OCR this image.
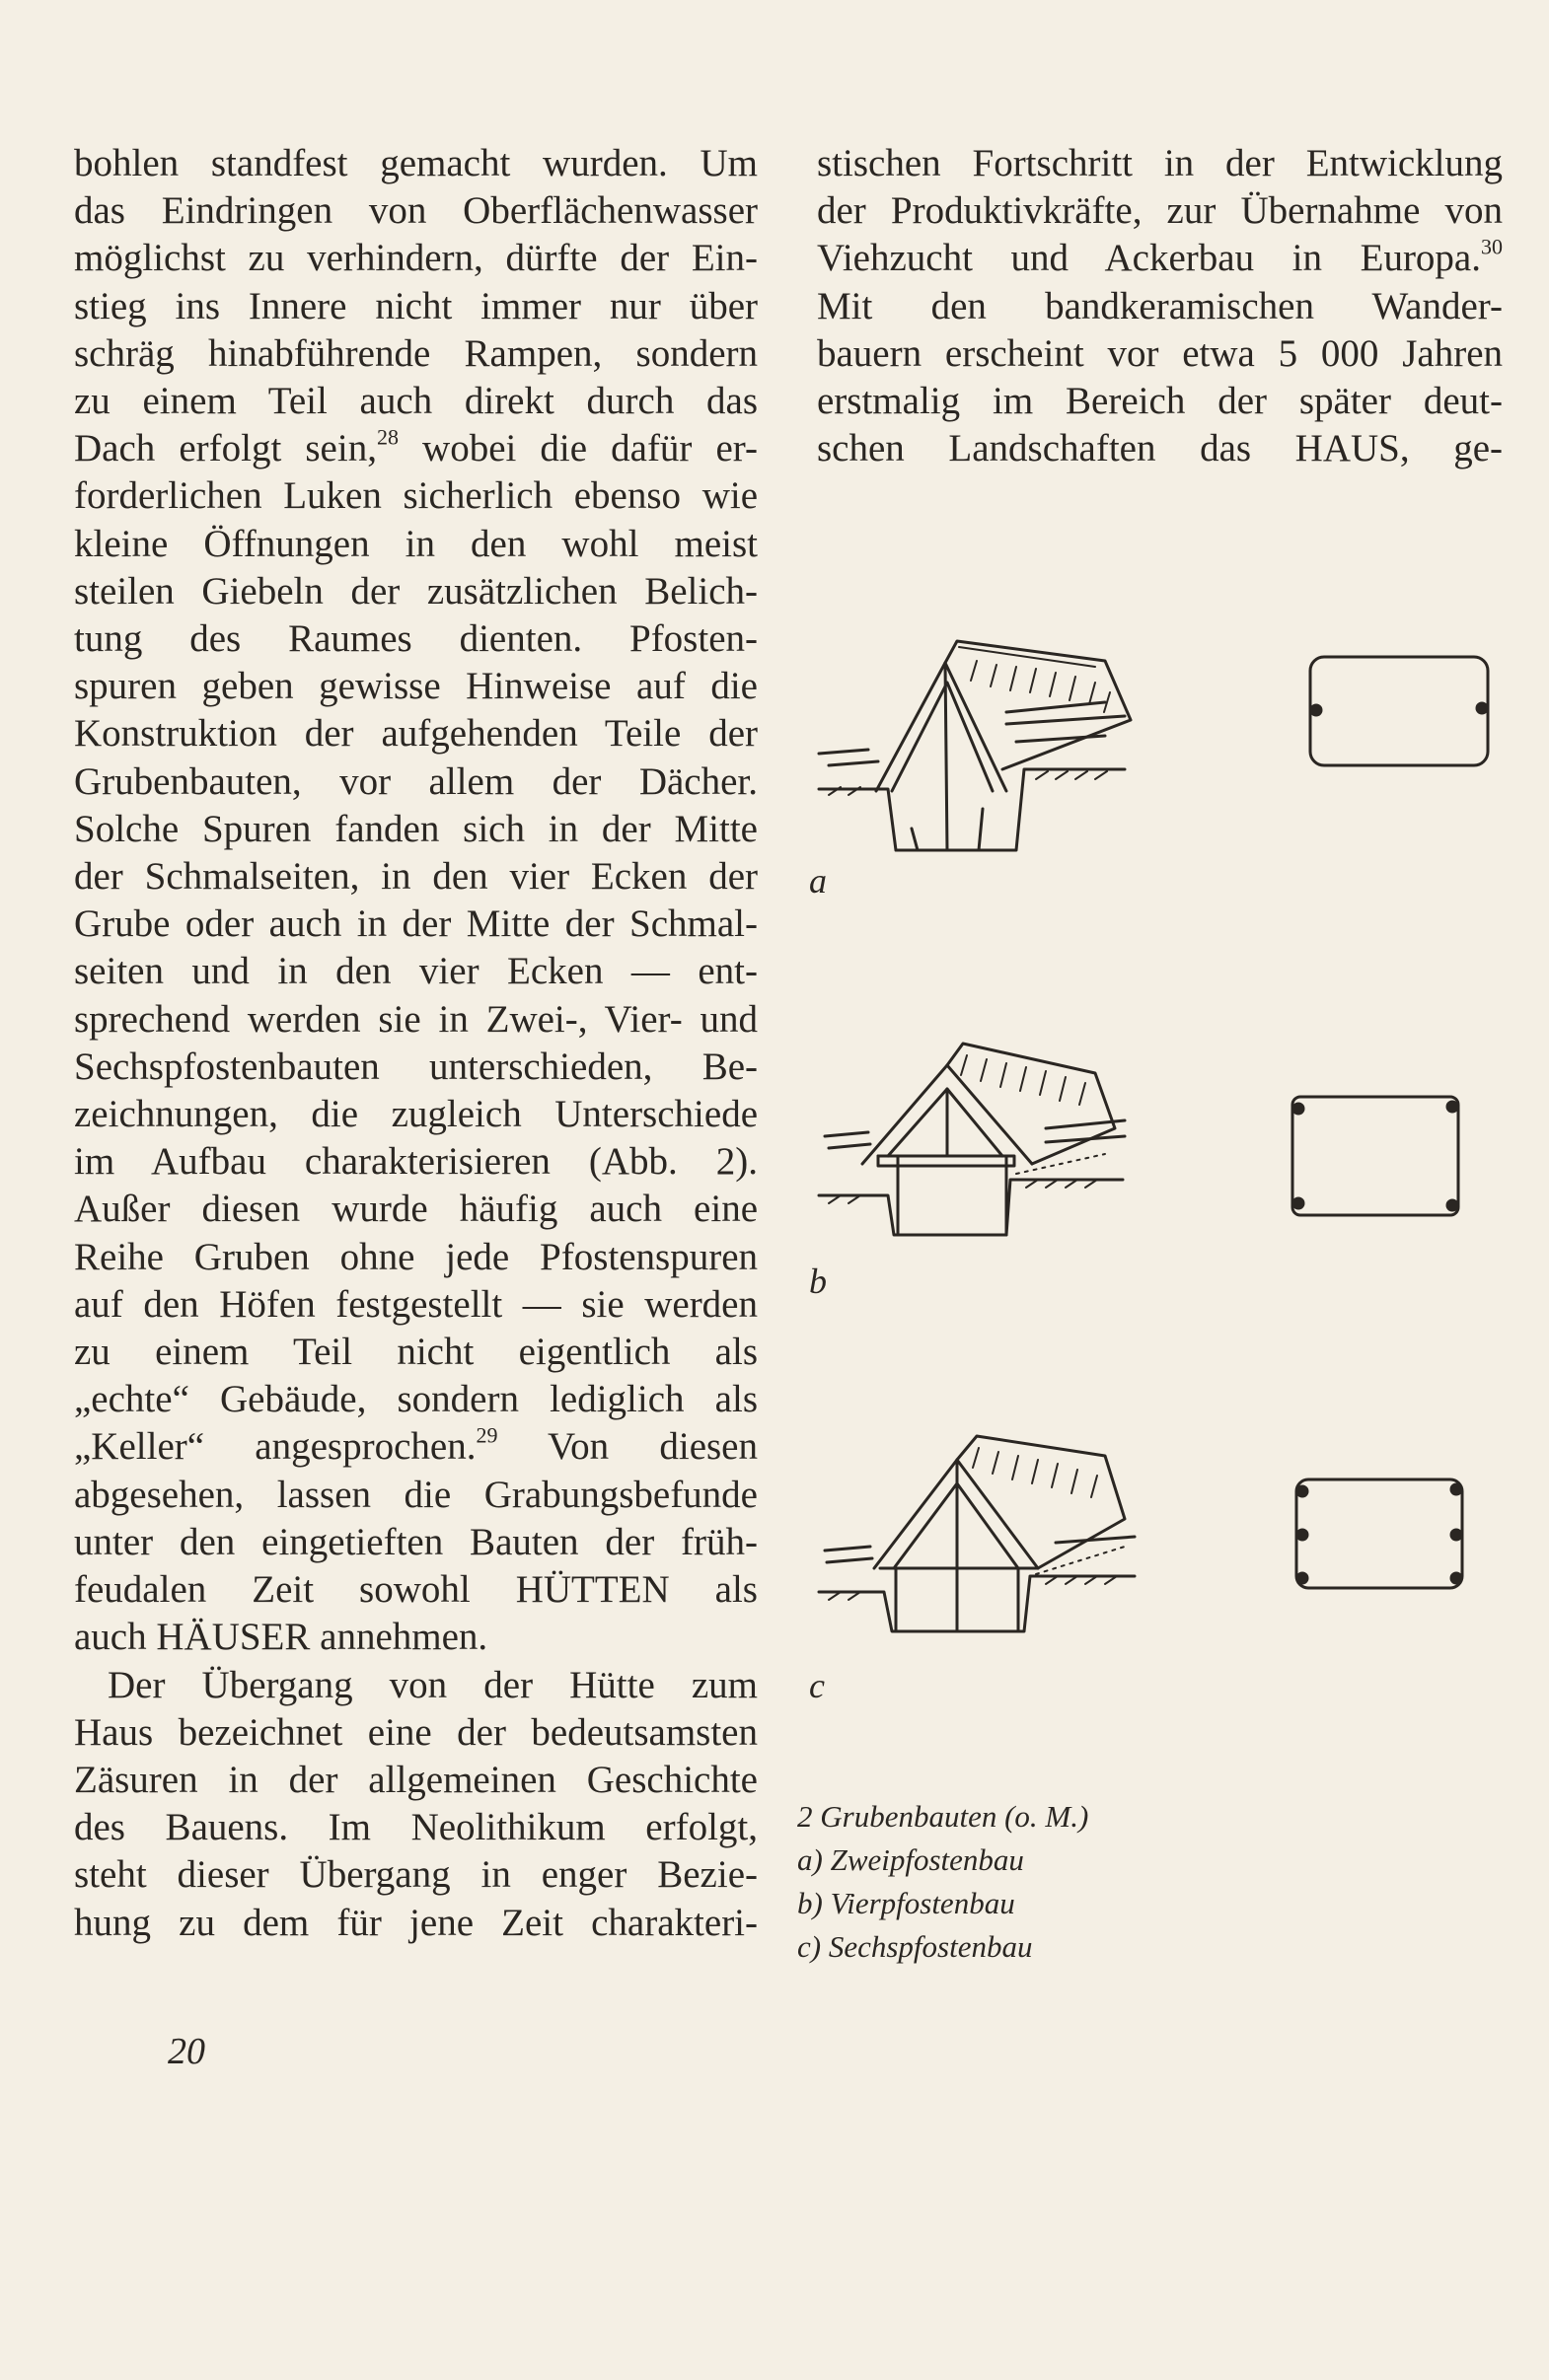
bohlen standfest gemacht wurden. Um
das Eindringen von Oberflächenwasser
möglichst zu verhindern, dürfte der Ein-
stieg ins Innere nicht immer nur über
schräg hinabführende Rampen, sondern
zu einem Teil auch direkt durch das
Dach erfolgt sein,$^{28}$ wobei die dafür er-
forderlichen Luken sicherlich ebenso wie
kleine Öffnungen in den wohl meist
steilen Giebeln der zusätzlichen Belich-
tung des Raumes dienten. Pfosten-
spuren geben gewisse Hinweise auf die
Konstruktion der aufgehenden Teile der
Grubenbauten, vor allem der Dächer.
Solche Spuren fanden sich in der Mitte
der Schmalseiten, in den vier Ecken der
Grube oder auch in der Mitte der Schmal-
seiten und in den vier Ecken — ent-
sprechend werden sie in Zwei-, Vier- und
Sechspfostenbauten unterschieden, Be-
zeichnungen, die zugleich Unterschiede
im Aufbau charakterisieren (Abb. 2).
Außer diesen wurde häufig auch eine
Reihe Gruben ohne jede Pfostenspuren
auf den Höfen festgestellt — sie werden
zu einem Teil nicht eigentlich als
„echte“ Gebäude, sondern lediglich als
„Keller“ angesprochen.$^{29}$ Von diesen
abgesehen, lassen die Grabungsbefunde
unter den eingetieften Bauten der früh-
feudalen Zeit sowohl HÜTTEN als
auch HÄUSER annehmen.

Der Übergang von der Hütte zum
Haus bezeichnet eine der bedeutsamsten
Zäsuren in der allgemeinen Geschichte
des Bauens. Im Neolithikum erfolgt,
steht dieser Übergang in enger Bezie-
hung zu dem für jene Zeit charakteri-

stischen Fortschritt in der Entwicklung
der Produktivkräfte, zur Übernahme von
Viehzucht und Ackerbau in Europa.$^{30}$
Mit den bandkeramischen Wander-
bauern erscheint vor etwa 5 000 Jahren
erstmalig im Bereich der später deut-
schen Landschaften das HAUS, ge-
a
b
c
2 Grubenbauten (o. M.)
a) Zweipfostenbau
b) Vierpfostenbau
c) Sechspfostenbau
20
